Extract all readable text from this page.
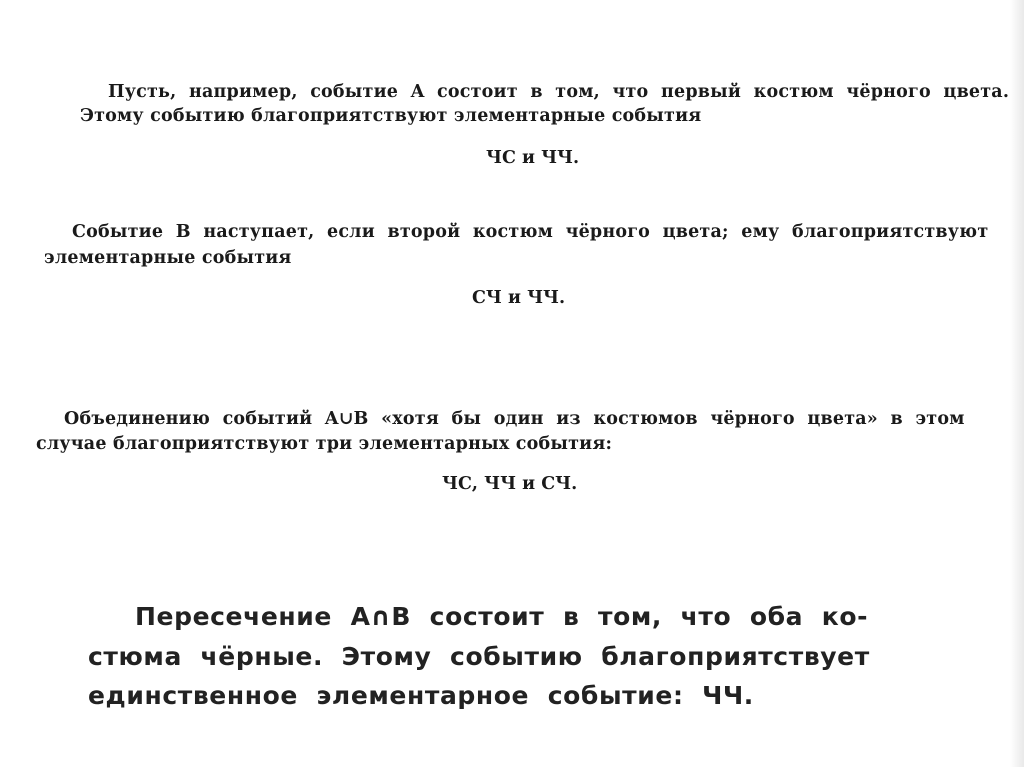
Пусть,  например,  событие  A  состоит  в  том,  что  первый  костюм  чёрного  цвета.
Этому событию благоприятствуют элементарные события
ЧС и ЧЧ.
Событие  B  наступает,  если  второй  костюм  чёрного  цвета;  ему  благоприятствуют
элементарные события
СЧ и ЧЧ.
Объединению  событий  A∪B  «хотя  бы  один  из  костюмов  чёрного  цвета»  в  этом
случае благоприятствуют три элементарных события:
ЧС, ЧЧ и СЧ.
Пересечение  A∩B  состоит  в  том,  что  оба  ко-
стюма  чёрные.  Этому  событию  благоприятствует
единственное  элементарное  событие:  ЧЧ.
